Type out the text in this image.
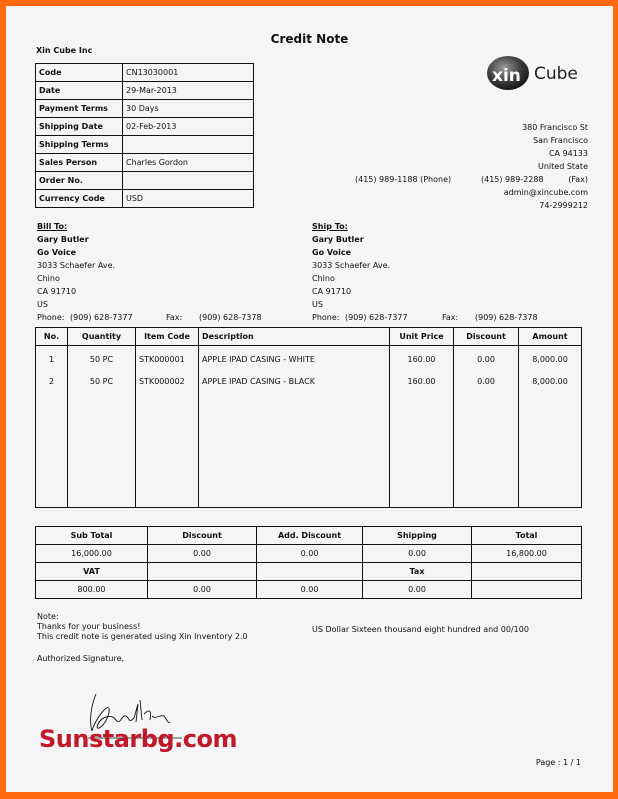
Credit Note
Xin Cube Inc
Code	CN13030001
Date	29-Mar-2013
Payment Terms	30 Days
Shipping Date	02-Feb-2013
Shipping Terms	
Sales Person	Charles Gordon
Order No.	
Currency Code	USD
xin Cube
380 Francisco St
San Francisco
CA 94133
United State
(415) 989-1188 (Phone)	(415) 989-2288	(Fax)
admin@xincube.com
74-2999212
Bill To:
Gary Butler
Go Voice
3033 Schaefer Ave.
Chino
CA 91710
US
Phone: (909) 628-7377	Fax: (909) 628-7378
Ship To:
Gary Butler
Go Voice
3033 Schaefer Ave.
Chino
CA 91710
US
Phone: (909) 628-7377	Fax: (909) 628-7378
No.	Quantity	Item Code	Description	Unit Price	Discount	Amount
1	50 PC	STK000001	APPLE IPAD CASING - WHITE	160.00	0.00	8,000.00
2	50 PC	STK000002	APPLE IPAD CASING - BLACK	160.00	0.00	8,000.00

Sub Total	Discount	Add. Discount	Shipping	Total
16,000.00	0.00	0.00	0.00	16,800.00
VAT			Tax	
800.00	0.00	0.00	0.00	
Note:
Thanks for your business!
This credit note is generated using Xin Inventory 2.0
US Dollar Sixteen thousand eight hundred and 00/100
Authorized Signature,
Sunstarbg.com
Page : 1 / 1
